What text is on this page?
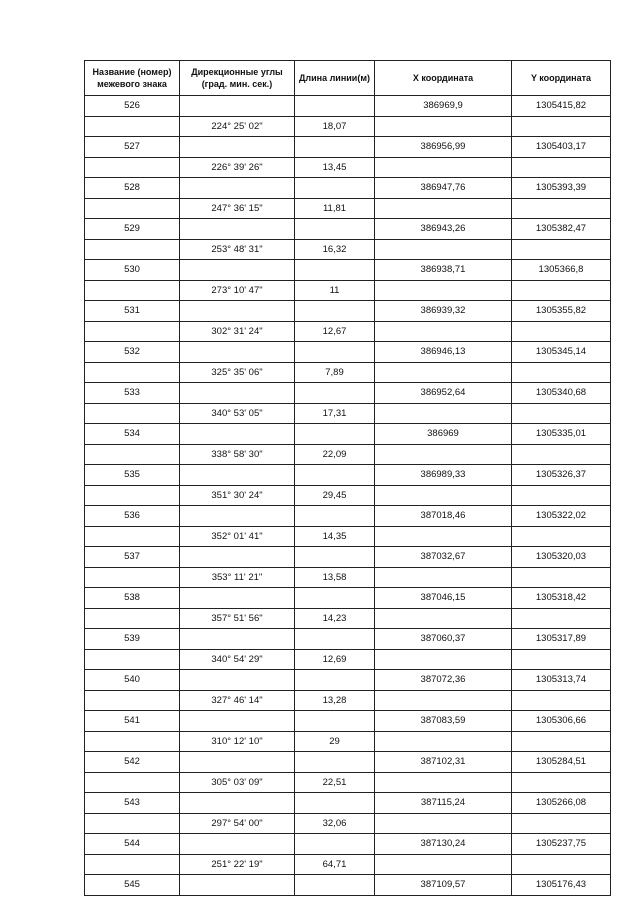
Название (номер) межевого знака	Дирекционные углы (град. мин. сек.)	Длина линии(м)	X координата	Y координата
526			386969,9	1305415,82
	224° 25' 02"	18,07		
527			386956,99	1305403,17
	226° 39' 26"	13,45		
528			386947,76	1305393,39
	247° 36' 15"	11,81		
529			386943,26	1305382,47
	253° 48' 31"	16,32		
530			386938,71	1305366,8
	273° 10' 47"	11		
531			386939,32	1305355,82
	302° 31' 24"	12,67		
532			386946,13	1305345,14
	325° 35' 06"	7,89		
533			386952,64	1305340,68
	340° 53' 05"	17,31		
534			386969	1305335,01
	338° 58' 30"	22,09		
535			386989,33	1305326,37
	351° 30' 24"	29,45		
536			387018,46	1305322,02
	352° 01' 41"	14,35		
537			387032,67	1305320,03
	353° 11' 21"	13,58		
538			387046,15	1305318,42
	357° 51' 56"	14,23		
539			387060,37	1305317,89
	340° 54' 29"	12,69		
540			387072,36	1305313,74
	327° 46' 14"	13,28		
541			387083,59	1305306,66
	310° 12' 10"	29		
542			387102,31	1305284,51
	305° 03' 09"	22,51		
543			387115,24	1305266,08
	297° 54' 00"	32,06		
544			387130,24	1305237,75
	251° 22' 19"	64,71		
545			387109,57	1305176,43
